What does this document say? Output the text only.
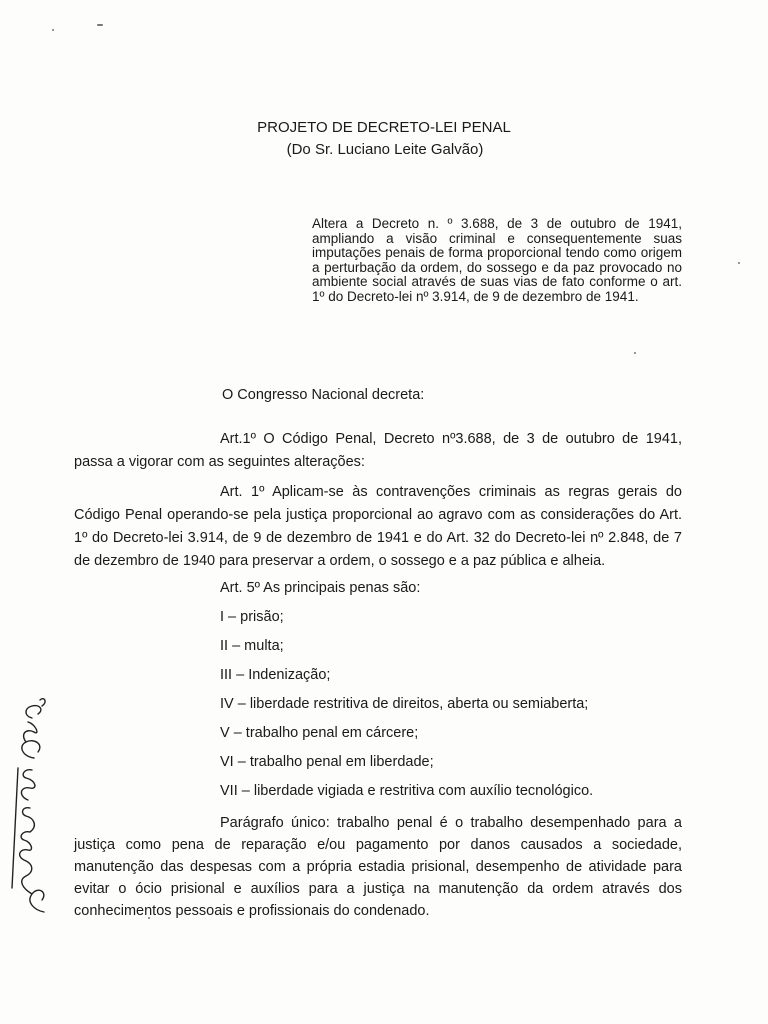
PROJETO DE DECRETO-LEI PENAL
(Do Sr. Luciano Leite Galvão)

Altera a Decreto n. º 3.688, de 3 de outubro de 1941, ampliando a visão criminal e consequentemente suas imputações penais de forma proporcional tendo como origem a perturbação da ordem, do sossego e da paz provocado no ambiente social através de suas vias de fato conforme o art. 1º do Decreto-lei nº 3.914, de 9 de dezembro de 1941.

O Congresso Nacional decreta:

Art.1º O Código Penal, Decreto nº3.688, de 3 de outubro de 1941, passa a vigorar com as seguintes alterações:

Art. 1º Aplicam-se às contravenções criminais as regras gerais do Código Penal operando-se pela justiça proporcional ao agravo com as considerações do Art. 1º do Decreto-lei 3.914, de 9 de dezembro de 1941 e do Art. 32 do Decreto-lei nº 2.848, de 7 de dezembro de 1940 para preservar a ordem, o sossego e a paz pública e alheia.

Art. 5º As principais penas são:

I – prisão;

II – multa;

III – Indenização;

IV – liberdade restritiva de direitos, aberta ou semiaberta;

V – trabalho penal em cárcere;

VI – trabalho penal em liberdade;

VII – liberdade vigiada e restritiva com auxílio tecnológico.

Parágrafo único: trabalho penal é o trabalho desempenhado para a justiça como pena de reparação e/ou pagamento por danos causados a sociedade, manutenção das despesas com a própria estadia prisional, desempenho de atividade para evitar o ócio prisional e auxílios para a justiça na manutenção da ordem através dos conhecimentos pessoais e profissionais do condenado.
